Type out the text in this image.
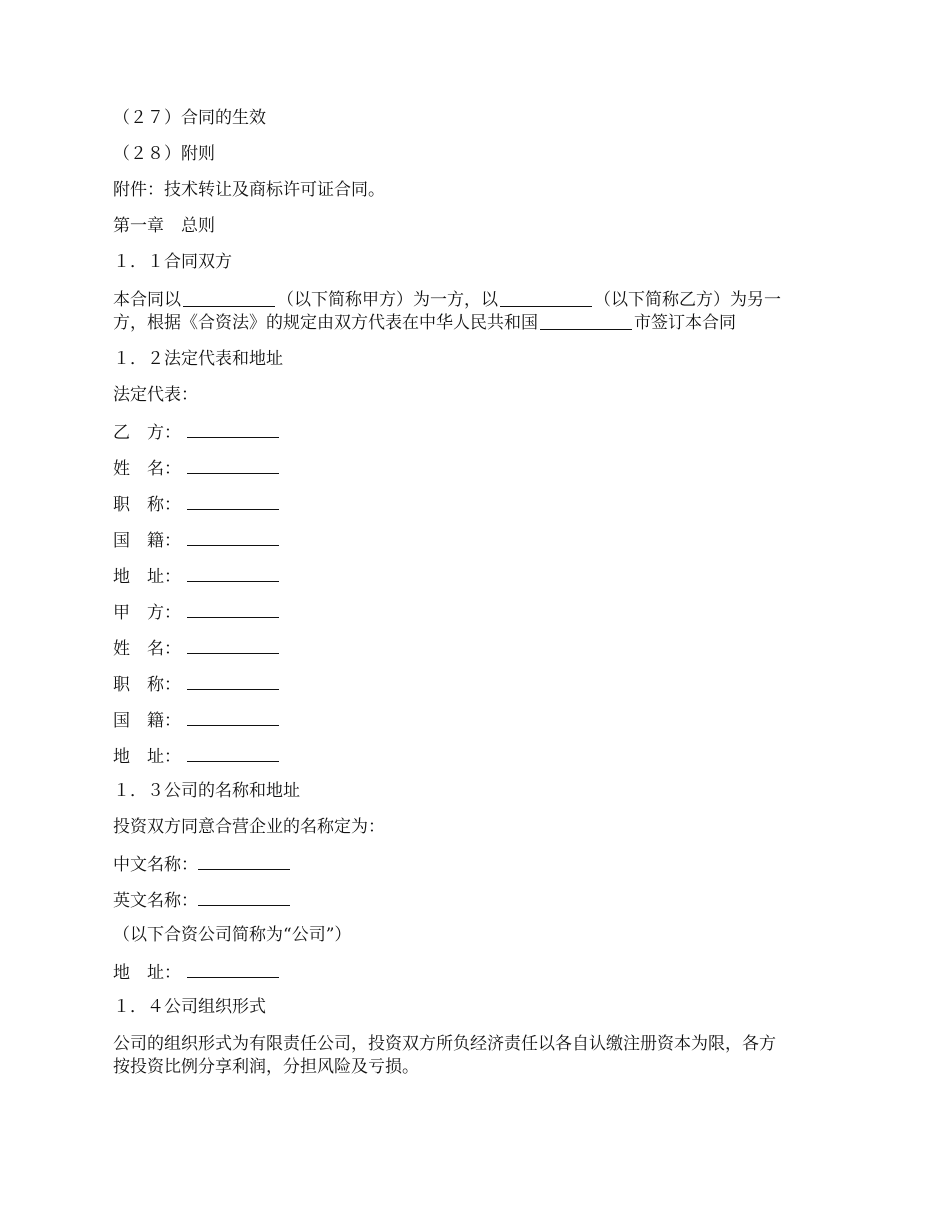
（２７）合同的生效
（２８）附则
附件：技术转让及商标许可证合同。
第一章　总则
１．１合同双方
本合同以	（以下简称甲方）为一方，以	（以下简称乙方）为另一
方，根据《合资法》的规定由双方代表在中华人民共和国	市签订本合同
１．２法定代表和地址
法定代表：
乙　方：
姓　名：
职　称：
国　籍：
地　址：
甲　方：
姓　名：
职　称：
国　籍：
地　址：
１．３公司的名称和地址
投资双方同意合营企业的名称定为：
中文名称：
英文名称：
（以下合资公司简称为“公司”）
地　址：
１．４公司组织形式
公司的组织形式为有限责任公司，投资双方所负经济责任以各自认缴注册资本为限，各方
按投资比例分享利润，分担风险及亏损。
